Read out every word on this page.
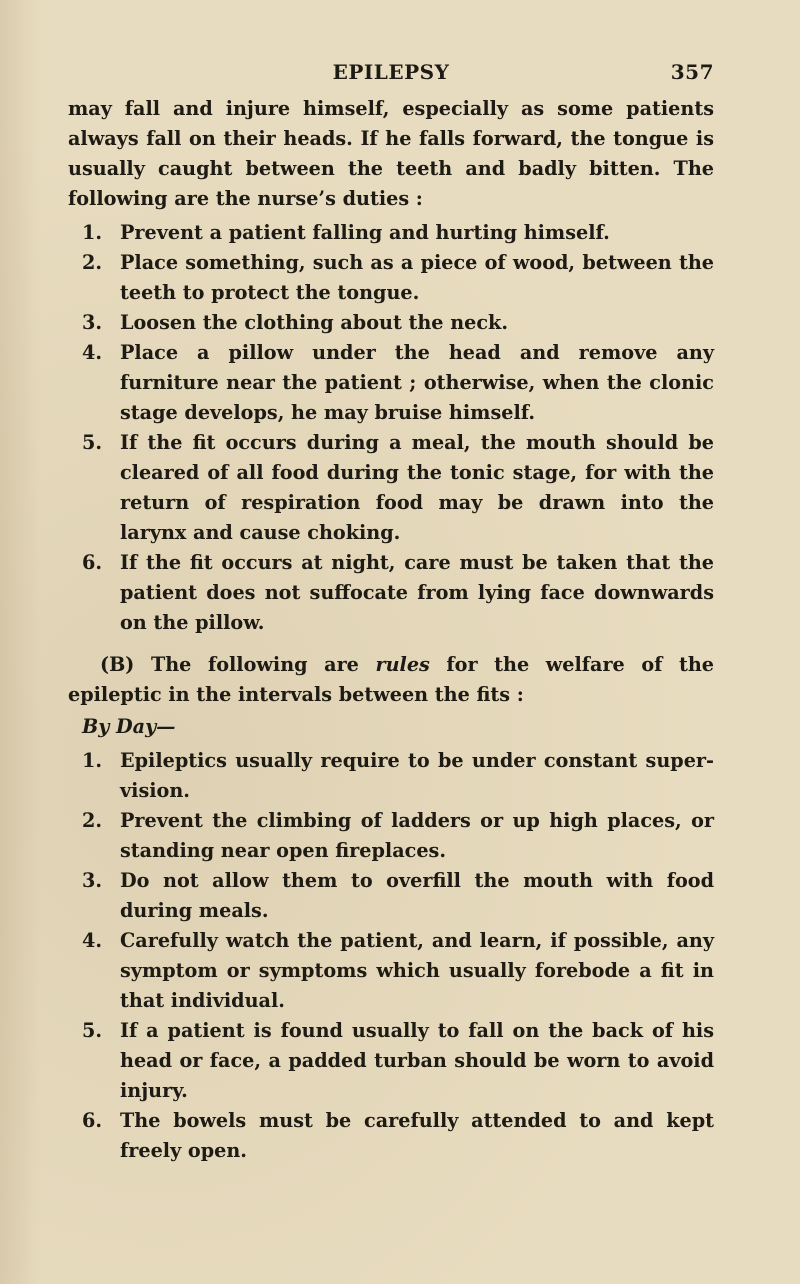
EPILEPSY	357

may fall and injure himself, especially as some patients always fall on their heads. If he falls forward, the tongue is usually caught between the teeth and badly bitten. The following are the nurse’s duties :

1. Prevent a patient falling and hurting himself.
2. Place something, such as a piece of wood, between the teeth to protect the tongue.
3. Loosen the clothing about the neck.
4. Place a pillow under the head and remove any furniture near the patient ; otherwise, when the clonic stage develops, he may bruise himself.
5. If the fit occurs during a meal, the mouth should be cleared of all food during the tonic stage, for with the return of respiration food may be drawn into the larynx and cause choking.
6. If the fit occurs at night, care must be taken that the patient does not suffocate from lying face downwards on the pillow.

(B) The following are rules for the welfare of the epileptic in the intervals between the fits :

By Day—
1. Epileptics usually require to be under constant super-vision.
2. Prevent the climbing of ladders or up high places, or standing near open fireplaces.
3. Do not allow them to overfill the mouth with food during meals.
4. Carefully watch the patient, and learn, if possible, any symptom or symptoms which usually forebode a fit in that individual.
5. If a patient is found usually to fall on the back of his head or face, a padded turban should be worn to avoid injury.
6. The bowels must be carefully attended to and kept freely open.
